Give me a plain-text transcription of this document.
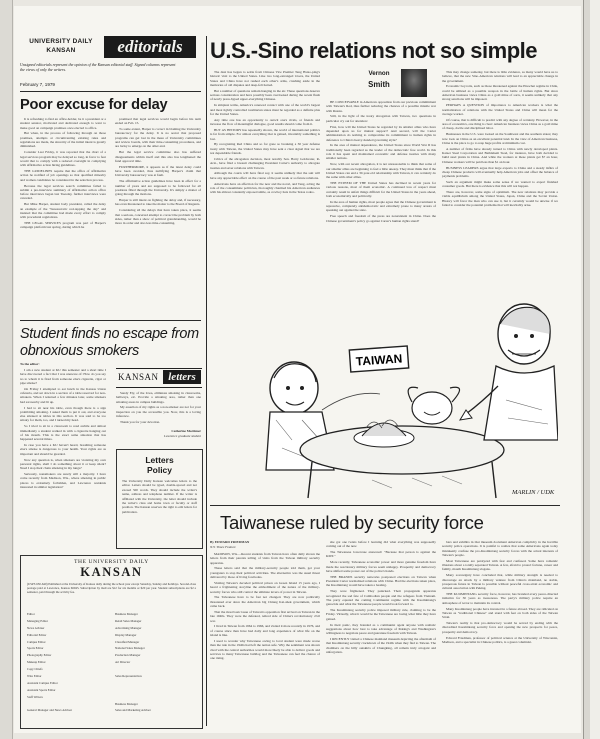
UNIVERSITY DAILY
KANSAN	editorials
Unsigned editorials represent the opinion of the Kansan editorial staff. Signed columns represent the views of only the writers.
February 7, 1979
Poor excuse for delay

It is refreshing to find an office-holder, be it a president or a student senator, motivated and dedicated enough to want to make good on campaign promises once elected to office.

But when, in the process of following through on those promises, attempts at circumventing existing rules and regulations are made, the sincerity of the initial intent is greatly diminished.

Consider Last Friday, it was reported that the chart of a legal services program may be delayed so long, in favor to fear would that to comply with a reduced oversight in complying with affirmative action hiring guidelines.

THE GUIDELINES require that the office of affirmative action be notified of job openings so that qualified minority and women candidates be considered in the selection process.

Because the legal services search committee failed to submit a pre-interview summary of affirmative action office before interviews began last Tuesday, further interviews were canceled.

But Mike Harper, student body president, called the delay an example of the "bureaucratic red-tapping the day" and insisted that the committee had made every effort to comply with procedural regulations.

THE LEGAL SERVICES program was part of Harper's campaign platform last spring, during which he

promised that legal services would begin before his term ended on Feb. 15.

To some extent, Harper is correct in blaming the University bureaucracy for the delay. It is no secret that proposed programs can get lost in the maze of University committees and review boards, with their time-consuming procedures, and are lucky to emerge on the other end.

But the legal service committee also has suffered disagreements within itself and this also has lengthened the fund approval time.

FURTHERMORE, it appears as if the latest delay could have been avoided, thus nullifying Harper's claim that University bureaucracy was at fault.

The affirmative action guidelines have been in effect for a number of years and are supposed to be followed for all positions filled through the University. It's simply a matter of going through the motions.

Harper is still intent on fighting the delay and, if necessary, has even threatened to take the matter to the Board of Regents.

Considering all the delays that have taken place, it seems that a serious, concerted attempt to correct the problem by both sides, rather than a show of political grandstanding, would be more in order and also less time-consuming.

Student finds no escape from obnoxious smokers
To the editor:

I am a new student at KU this semester and a short time I have discovered a fact that I was unaware of: How do you say no to whom it is fired from someone else's cigarette, cigar or pipe smoke?

On Friday I attempted to eat lunch in the Kansas Union cafeteria, and sat down in a section of a table reserved for non-smokers. When I returned a few minutes later, some smokers had sat nearby and lit up.

I had to sit near his table, even though there is a sign prohibiting smoking. I asked them to put it out, and everyone else smoked at tables in this section. It was said to be too smoky for them, too, and I turned my head.

So I tried to sit in a classroom to read awhile and almost immediately a student walked in with a cigarette hanging out of his mouth. This is the exact same situation that has happened several times.

In case you have a KU haven't heard, breathing someone else's smoke is dangerous to your health. Your rights are as important and should be guarded.

Now any question is, when smokers are violating my own personal rights, shall I do something about it or keep silent? Need I stop their chain smoking in my lungs?

Seriously, nonsmokers are surely still a majority. I have come recently from Madison, Wis., where smoking in public places is extremely forbidden, and Lawrence residents interested in similar legislation?

KANSAN letters

Sandy Ely, of the Iowa, eliminate smoking in classrooms, hallways, etc. Provide a smoking area, rather than one smoking areas in campus buildings.

My assertion of my rights as a non-smoker are not for your inspection on you the accessible you. Now, this is a loving inference.

Thank you for your devotion.

Catherine Mortimer
Lawrence graduate student
Letters
Policy
The University Daily Kansan welcomes letters to the editor. Letters should be typed, double-spaced and not exceed 500 words. They should include the writer's name, address and telephone number. If the writer is affiliated with the University, the letter should include the writer's class and home town or faculty or staff position. The Kansan reserves the right to edit letters for publication.
THE UNIVERSITY DAILY
KANSAN
(USPS 650-640) Published at the University of Kansas daily during the school year except Saturday, Sunday and holidays. Second-class postage paid at Lawrence, Kansas 66045. Subscription by mail are $12 for six months or $20 per year. Student subscriptions are $2 a semester, paid through the activity fee.
Editor
Managing Editor
News Adviser
Editorial Editor
Campus Editor
Sports Editor
Photography Editor
Makeup Editor
Copy Chiefs
Wire Editor
Assistant Campus Editor
Assistant Sports Editor
Staff Writers

General Manager and News Adviser
Business Manager
Retail Sales Manager
Advertising Manager
Display Manager
Classified Manager
National Sales Manager
Production Manager
Art Director

Sales Representatives

Business Manager
Sales and Marketing Adviser
U.S.-Sino relations not so simple
Vernon
Smith

The dust has begun to settle from Chinese Vice Premier Teng Hsiao-ping's historic visit to the United States. Like two long-estranged lovers, the United States and China have not rushed each other's arms, crushing aside in the memories of old disputes and deep-felt hatred.

But a number of questions remain hanging in the air. These questions deserve serious consideration and have possibly been overlooked during the recent flush of newly press-hyped upper-everything Chinese.

In simplest terms, America's renewed contact with one of the world's largest and most tightly controlled totalitarian states must be regarded as a definite plus for the United States.

Any time one has an opportunity to outwit one's rivals, or friends and increase the flow of meaningful dialogue, good results should come from it.

BUT AS HISTORY has repeatedly shown, the world of international politics is far from simple. For almost everything that is gained, invariably something is lost.

By recognizing Red China and so for gone so breaking a 30 year defense treaty with Taiwan, the United States may have sent a clear signal that we are not dependable friends.

Critics of the abrogation decision, most notably Sen. Barry Goldwater, R-Ariz., have filed a lawsuit challenging President Carter's authority to abrogate treaties and sever relations with Taiwan.

Although the courts will have final say, it seems unlikely that the suit will have any appreciable effect on the course of the past week or so future relations.

Americans have an affection for the new and the novel, and Teng, acting the role of the consummate politician, thoroughly charmed his American audiences with his almost constantly exposed smile, as cowboy hats in the Texas rodeo.

BE CONCEIVABLE in American opposition from our previous commitment with Taiwan's Red, thus further reducing the chances of a possible missile war with Russia.

Still, in the light of the treaty abrogation with Taiwan, two questions in particular cry out for attention:

First, how will the United States be regarded by its smaller allies who have depended upon us for mutual support? And second, will the Carter administration do nothing to compromise its commitment to human rights in deference to China's heavy-handed governing style?

In the area of mutual dependence, the United States since World War II has traditionally been regarded as the leader of the democratic free world. In this role it has spent and maintained economic and defense treaties with many smaller nations.

Now, with our recent abrogation, it is not unreasonable to think that some of our smaller allies are beginning to feel a little uneasy. They must think that if the United States can end a 30-year-old relationship with Taiwan, it can certainly do the same with other allies.

THE ESTEEM OF THE United States has declined in recent years for various reasons, most of them economic. A continued loss of respect must certainly result in unfair things difficult for the United States in the years ahead, both economically and politically.

In the area of human rights, most people agree that the Chinese government is repressive, completely antidemocratic and extremely prone to many arrests of speaking out against the state.

Free speech and freedom of the press are nonexistent in China. Does the Chinese government's policy go against Carter's human rights stand?

This may change someday, but there is little evidence, as many would have us to believe, that the new Sino-American relations will lead to an appreciable change in the government.

Economic boycotts, such as those threatened against the Pinochet regime in Chile, could be utilized as a possible weapon in the battle of human rights. But since American business views China as a gold mine of sorts, it seems unlikely that any strong sanctions will be imposed.

PERHAPS A QUESTION of importance to American workers is what the normalization of relations with the United States and China will mean for the average worker.

Of course, that is difficult to predict with any degree of certainty. However, in the area of economics, one thing is clear: American business views China as a gold mine of cheap, docile and disciplined labor.

Businesses in the U.S. were looked on the Southwest and the southern states; they now look on China as an excellent potential land. In the view of American business, China is the place to go to reap huge profits at minimum cost.

A number of firms have already turned to China with newly developed plants. Kaiser Steel Corporation and Bethlehem Steel, for instance, have both decided to build steel plants in China. And while the workers at these plants get $7 an hour, Chinese workers will be paid less than $1 an hour.

BUSINESS LEADERS argue that large exports to China and a steady influx of cheap Chinese products will eventually help American jobs and offset the balance of payments problems.

Such an argument might make some sense if we wanted to export finished consumer goods. But there is evidence that this will not happen.

There are, however, some signs of optimism. The new relations may provide a viable equilibrium among the United States, Japan, China and the Soviet Union. History will favor the man who can use it, but it certainly would be unwise if we failed to consider the potential problems that will inevitably arise.

TAIWAN
MARLIN / UDK
Taiwanese ruled by security force
By EDWARD FRIEDMAN
N.Y. Times Feature

MADISON, Wis.—Recent students from Taiwan have often daily shown me letters from their parents telling of visits from the Taiwan military security apparatus.

These letters said that the military-security people told them, get your youngsters to stop their political activities. The alternative was the usual threat delivered by those of living forebodes.

Visiting Taiwan's decaded political prison on Green Island 15 years ago, I heard a frightening storyline the embodiment of the nature of the military-security forces who still control the ultimate levers of power in Taiwan.

The Taiwanese have to be fast not changed. They are now politically threatened ever since the American big Chiang Kai-shek government, which came back.

That the most basic issue of Taiwan's opposition first arrived on Taiwan in the late 1940s. They were the defeated, retired side of China's revolutionary civil war.

I lived in Taiwan from 1964 to 1966, and visited it more recently in 1976, and of course since then have had daily and long experience of what life on the island is like.

I used to wonder why Taiwanese owing to local student were made worse than the rule in the 1940s had left the nation safe. Why the sentiment was shown cited with the central authorities would more likely be able to deliver goods and services to many Taiwanese bulldog and the Taiwanese can feel the chance of one rising.

she got one twists before I learning did what everything was supposedly coming out of the new.

The Taiwanese lowercase answered: "Because that person is against the KMT."

More recently, Taiwanese economic power and more genuine freedom have made the reactionary military forces seem unhappy. Prosperity and democracy have shifted some power out of the police's hands.

THE BRANDS security networks postponed elections on Taiwan when President Carter normalized relations with China. Had the elections taken place, the Kuomintang would have taken a beating.

They were frightened. They panicked. Their propaganda apparatus recognized the sad fate of Cambodian people and the refugees from Vietnam. The party equated the coming Communist regime with the Kuomintang's genocide and what the Taiwanese people would look forward to.

The Kuomintang security police imposed military rule, claiming to be the Friday. Virtually, what it would be the Taiwanese are losing what little they have gained.

In their panic, they branded as a communist agent anyone with realistic suggestions about how best to take advantage of Peking's and Washington's willingness to negotiate peace and guarantee freedom with Taiwan.

I RECENTLY visited a Chinese mainland museum depicting the aftermath of that Kuomintang security crackdown of the 1940s when they fled to Taiwan. The chambers on the hilly outskirts of Chungking, all remain truly arrogant and unforgotten.

bars and exhibits in that museum document American complicity in the horrible security police operations. It is painful to realize that some Americans again today mistakenly confuse the pro-Kuomintang security forces with the actual interests of Taiwan's people.

Most Taiwanese are paralyzed with fear and confused. Some have romantic illusions about a totally separated Taiwan. A few, afraid to protect fortune, career and family, mouth Kuomintang slogans.

Many sovereignty have concluded that, while military strength is needed to discourage an attack by a military venture from China's mainland, no stable, prosperous future in Taiwan is possible without peaceful cross-strait economic and cultural association with Peking.

THE KUOMINTANG security force, however, has branded every peace-directed initiative for 30 years as treasonous. The party's military police require an atmosphere of terror to maintain its control.

Many Kuomintang people have invested in a future abroad. They are ridiculed on Taiwan as "traditional Chinese" and stand with feet on both sides of the Taiwan Strait.

Taiwan's reality is that pro-democracy would be served by ending with the discredited Kuomintang security force and opening the new prospects for peace, prosperity and democracy.

Edward Friedman, professor of political science at the University of Wisconsin, Madison, and a specialist in Chinese politics, is a guest columnist.
